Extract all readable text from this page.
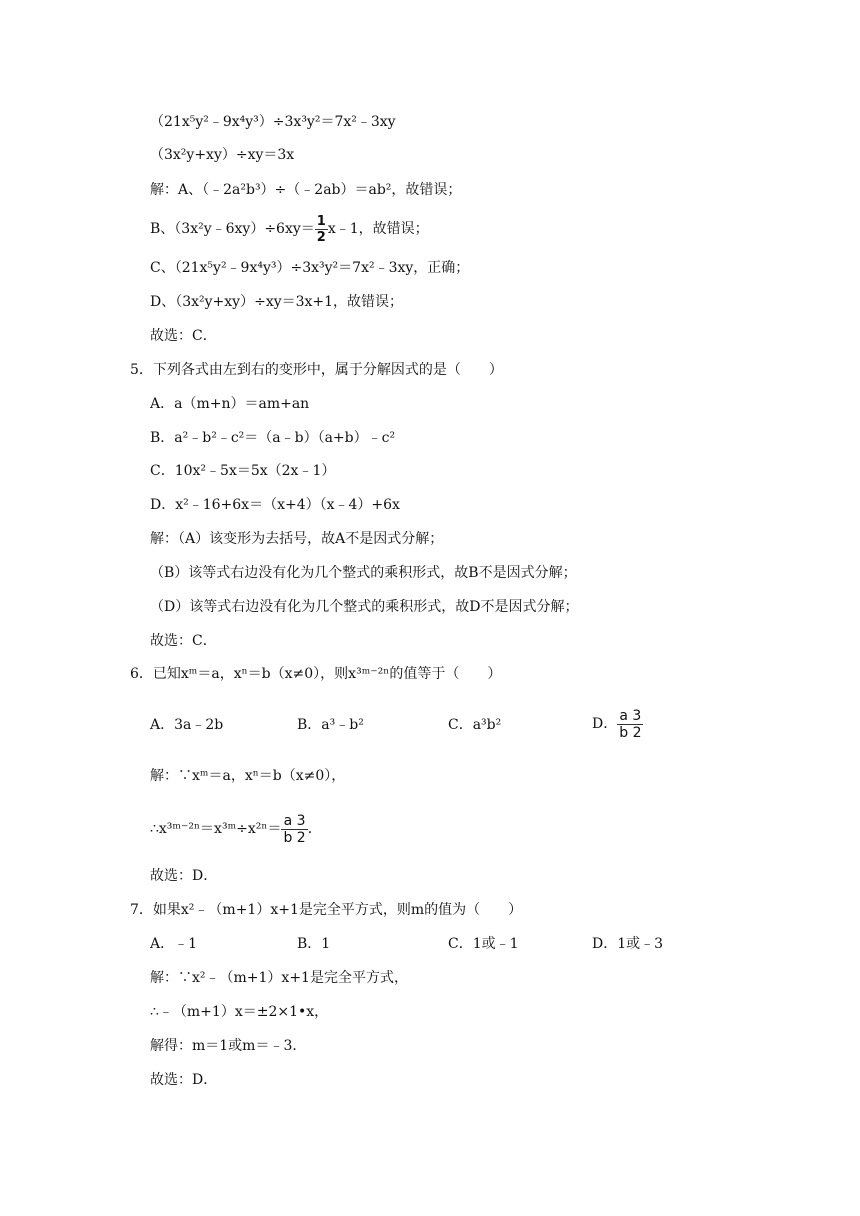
（21x⁵y²﹣9x⁴y³）÷3x³y²＝7x²﹣3xy
（3x²y+xy）÷xy＝3x
解：A、（﹣2a²b³）÷（﹣2ab）＝ab²，故错误；
B、（3x²y﹣6xy）÷6xy＝ $\frac{1}{2}$ x﹣1，故错误；
C、（21x⁵y²﹣9x⁴y³）÷3x³y²＝7x²﹣3xy，正确；
D、（3x²y+xy）÷xy＝3x+1，故错误；
故选：C．
5．下列各式由左到右的变形中，属于分解因式的是（　　）
A．a（m+n）＝am+an
B．a²﹣b²﹣c²＝（a﹣b）（a+b）﹣c²
C．10x²﹣5x＝5x（2x﹣1）
D．x²﹣16+6x＝（x+4）（x﹣4）+6x
解：（A）该变形为去括号，故A不是因式分解；
（B）该等式右边没有化为几个整式的乘积形式，故B不是因式分解；
（D）该等式右边没有化为几个整式的乘积形式，故D不是因式分解；
故选：C．
6．已知xᵐ＝a，xⁿ＝b（x≠0），则x³ᵐ⁻²ⁿ的值等于（　　）
A．3a﹣2b	B．a³﹣b²	C．a³b²	D． $\frac{a 3}{b 2}$
解：∵xᵐ＝a，xⁿ＝b（x≠0），
∴x³ᵐ⁻²ⁿ＝x³ᵐ÷x²ⁿ＝ $\frac{a 3}{b 2}$ ．
故选：D．
7．如果x²﹣（m+1）x+1是完全平方式，则m的值为（　　）
A．﹣1	B．1	C．1或﹣1	D．1或﹣3
解：∵x²﹣（m+1）x+1是完全平方式，
∴﹣（m+1）x＝±2×1•x，
解得：m＝1或m＝﹣3．
故选：D．
